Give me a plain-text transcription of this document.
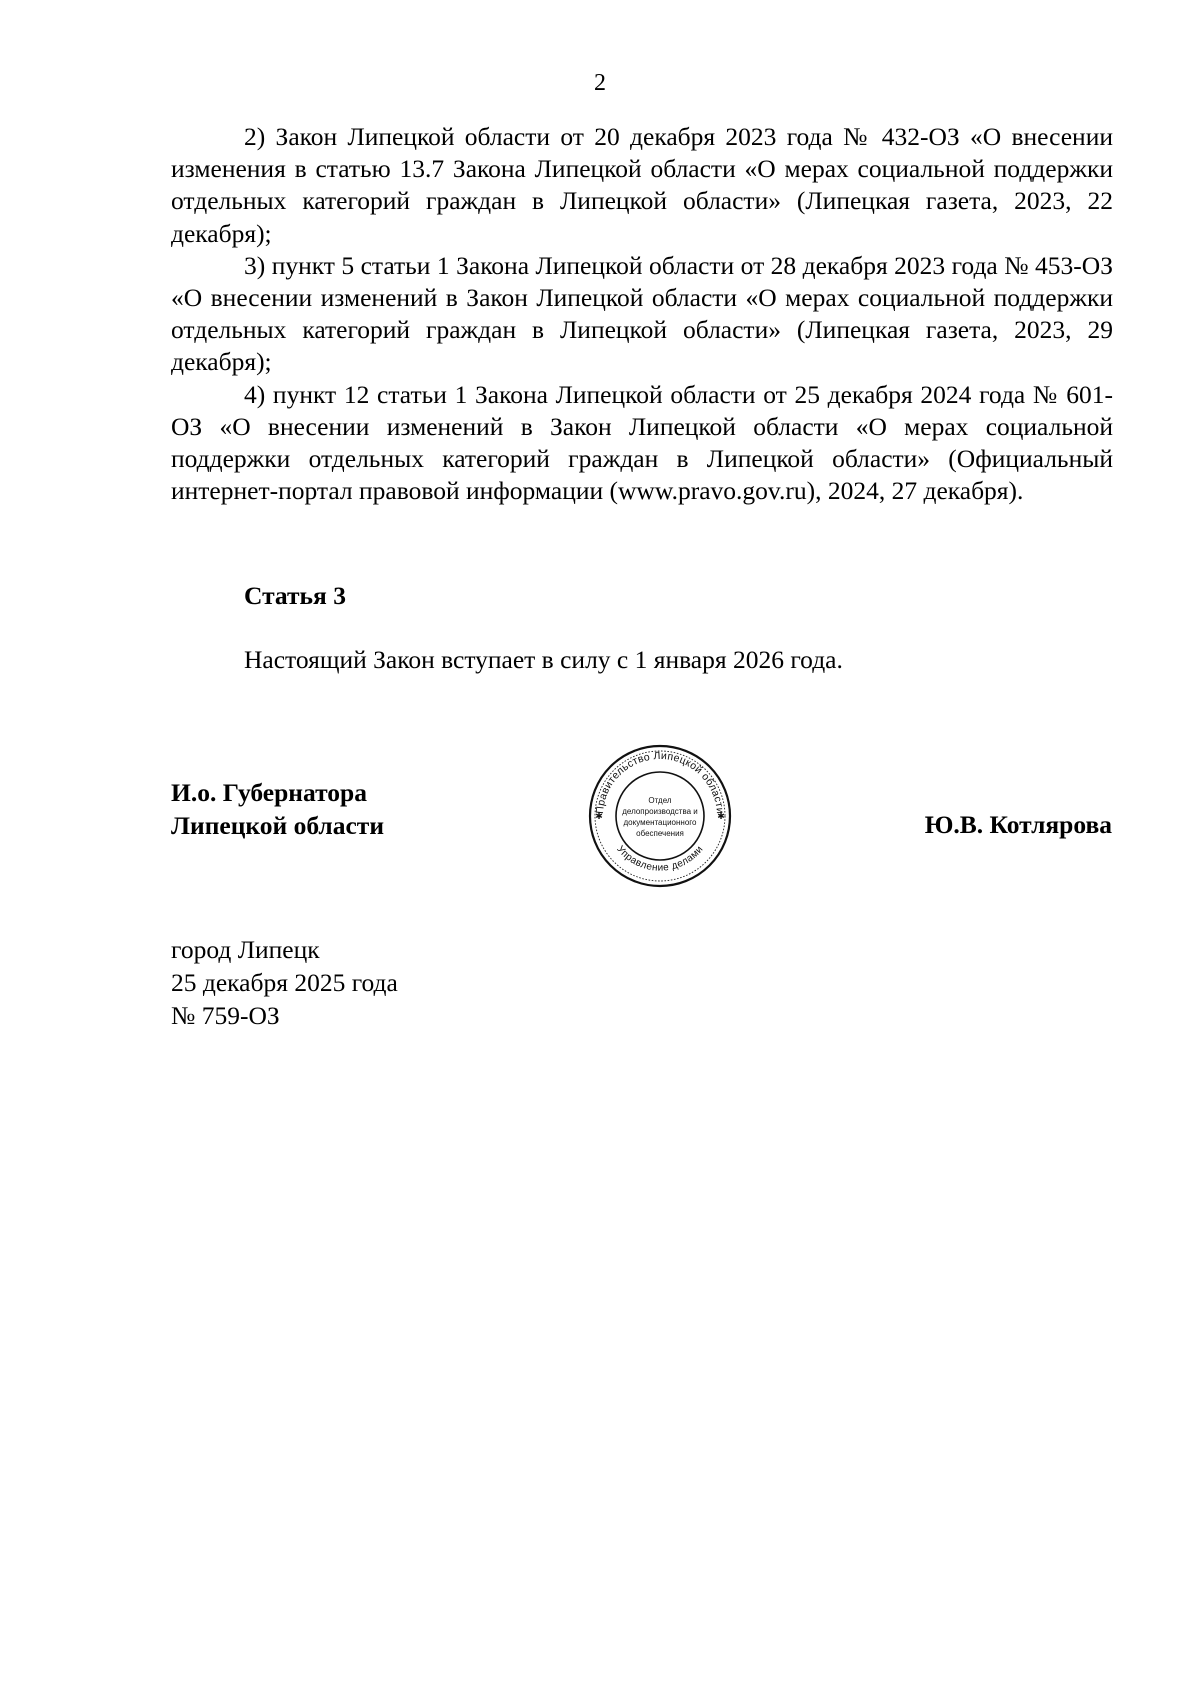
2

2) Закон Липецкой области от 20 декабря 2023 года № 432-ОЗ «О внесении изменения в статью 13.7 Закона Липецкой области «О мерах социальной поддержки отдельных категорий граждан в Липецкой области» (Липецкая газета, 2023, 22 декабря);

3) пункт 5 статьи 1 Закона Липецкой области от 28 декабря 2023 года № 453-ОЗ «О внесении изменений в Закон Липецкой области «О мерах социальной поддержки отдельных категорий граждан в Липецкой области» (Липецкая газета, 2023, 29 декабря);

4) пункт 12 статьи 1 Закона Липецкой области от 25 декабря 2024 года № 601-ОЗ «О внесении изменений в Закон Липецкой области «О мерах социальной поддержки отдельных категорий граждан в Липецкой области» (Официальный интернет-портал правовой информации (www.pravo.gov.ru), 2024, 27 декабря).

Статья 3
Настоящий Закон вступает в силу с 1 января 2026 года.
И.о. Губернатора
Липецкой области
Правительство Липецкой области
Управление делами
✱	✱
Отдел
делопроизводства и
документационного
обеспечения	Ю.В. Котлярова
город Липецк
25 декабря 2025 года
№ 759-ОЗ
